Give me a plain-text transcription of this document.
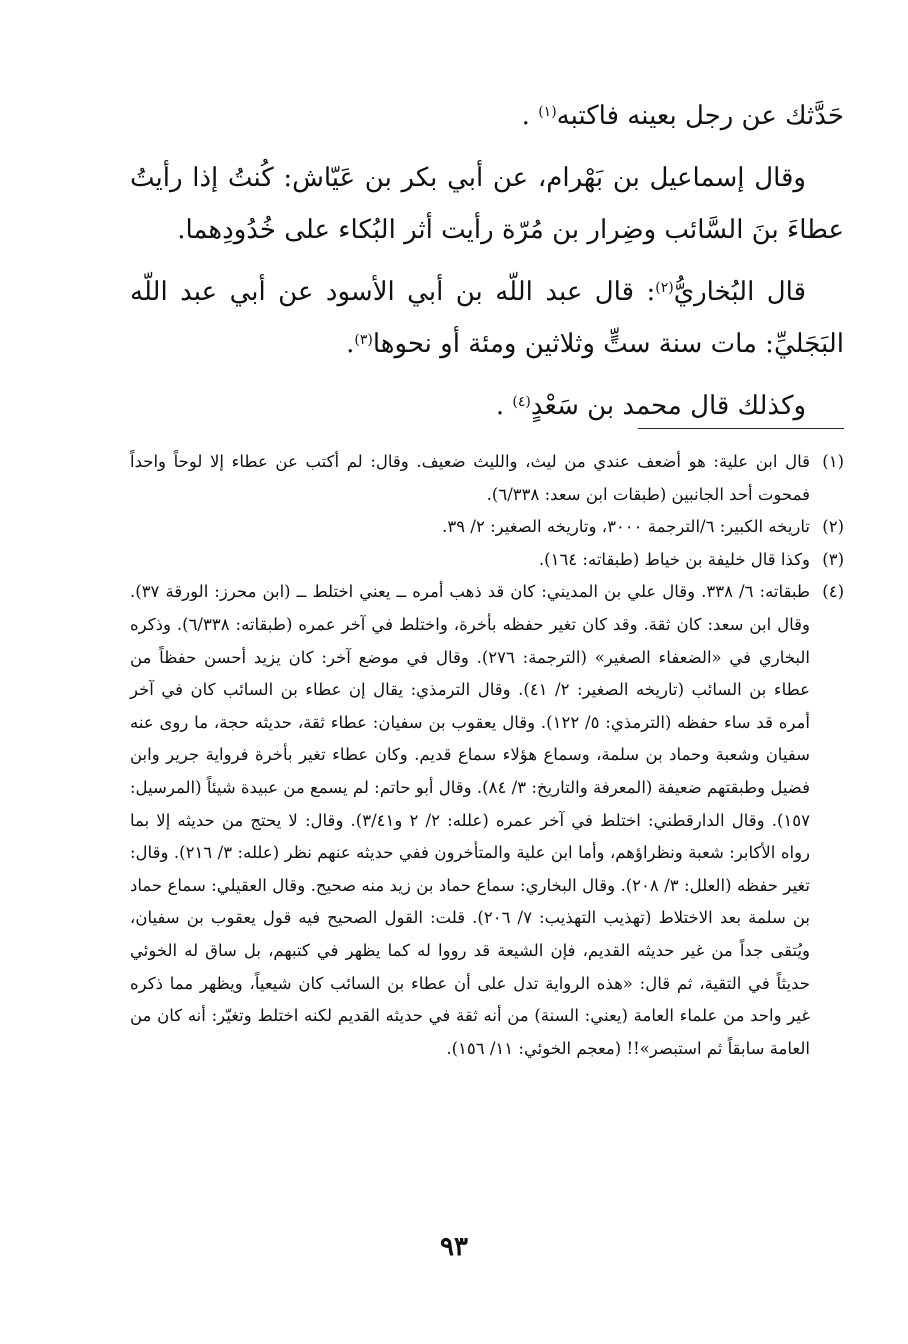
حَدَّثك عن رجل بعينه فاكتبه$^{(١)}$ .

وقال إسماعيل بن بَهْرام، عن أبي بكر بن عَيّاش: كُنتُ إذا رأيتُ عطاءَ بنَ السَّائب وضِرار بن مُرّة رأيت أثر البُكاء على خُدُودِهما.

قال البُخاريُّ$^{(٢)}$: قال عبد اللّه بن أبي الأسود عن أبي عبد اللّه البَجَليِّ: مات سنة ستٍّ وثلاثين ومئة أو نحوها$^{(٣)}$.

وكذلك قال محمد بن سَعْدٍ$^{(٤)}$ .

(١)
قال ابن علية: هو أضعف عندي من ليث، والليث ضعيف. وقال: لم أكتب عن عطاء إلا لوحاً واحداً فمحوت أحد الجانبين (طبقات ابن سعد: ٦/٣٣٨).
(٢)
تاريخه الكبير: ٦/الترجمة ٣٠٠٠، وتاريخه الصغير: ٢/ ٣٩.
(٣)
وكذا قال خليفة بن خياط (طبقاته: ١٦٤).
(٤)
طبقاته: ٦/ ٣٣٨. وقال علي بن المديني: كان قد ذهب أمره ــ يعني اختلط ــ (ابن محرز: الورقة ٣٧). وقال ابن سعد: كان ثقة. وقد كان تغير حفظه بأخرة، واختلط في آخر عمره (طبقاته: ٦/٣٣٨). وذكره البخاري في «الضعفاء الصغير» (الترجمة: ٢٧٦). وقال في موضع آخر: كان يزيد أحسن حفظاً من عطاء بن السائب (تاريخه الصغير: ٢/ ٤١). وقال الترمذي: يقال إن عطاء بن السائب كان في آخر أمره قد ساء حفظه (الترمذي: ٥/ ١٢٢). وقال يعقوب بن سفيان: عطاء ثقة، حديثه حجة، ما روى عنه سفيان وشعبة وحماد بن سلمة، وسماع هؤلاء سماع قديم. وكان عطاء تغير بأخرة فرواية جرير وابن فضيل وطبقتهم ضعيفة (المعرفة والتاريخ: ٣/ ٨٤). وقال أبو حاتم: لم يسمع من عبيدة شيئاً (المرسيل: ١٥٧). وقال الدارقطني: اختلط في آخر عمره (علله: ٢/ ٢ و٣/٤١). وقال: لا يحتج من حديثه إلا بما رواه الأكابر: شعبة ونظراؤهم، وأما ابن علية والمتأخرون ففي حديثه عنهم نظر (علله: ٣/ ٢١٦). وقال: تغير حفظه (العلل: ٣/ ٢٠٨). وقال البخاري: سماع حماد بن زيد منه صحيح. وقال العقيلي: سماع حماد بن سلمة بعد الاختلاط (تهذيب التهذيب: ٧/ ٢٠٦). قلت: القول الصحيح فيه قول يعقوب بن سفيان، ويُتقى جداً من غير حديثه القديم، فإن الشيعة قد رووا له كما يظهر في كتبهم، بل ساق له الخوئي حديثاً في التقية، ثم قال: «هذه الرواية تدل على أن عطاء بن السائب كان شيعياً، ويظهر مما ذكره غير واحد من علماء العامة (يعني: السنة) من أنه ثقة في حديثه القديم لكنه اختلط وتغيّر: أنه كان من العامة سابقاً ثم استبصر»!! (معجم الخوئي: ١١/ ١٥٦).
٩٣
